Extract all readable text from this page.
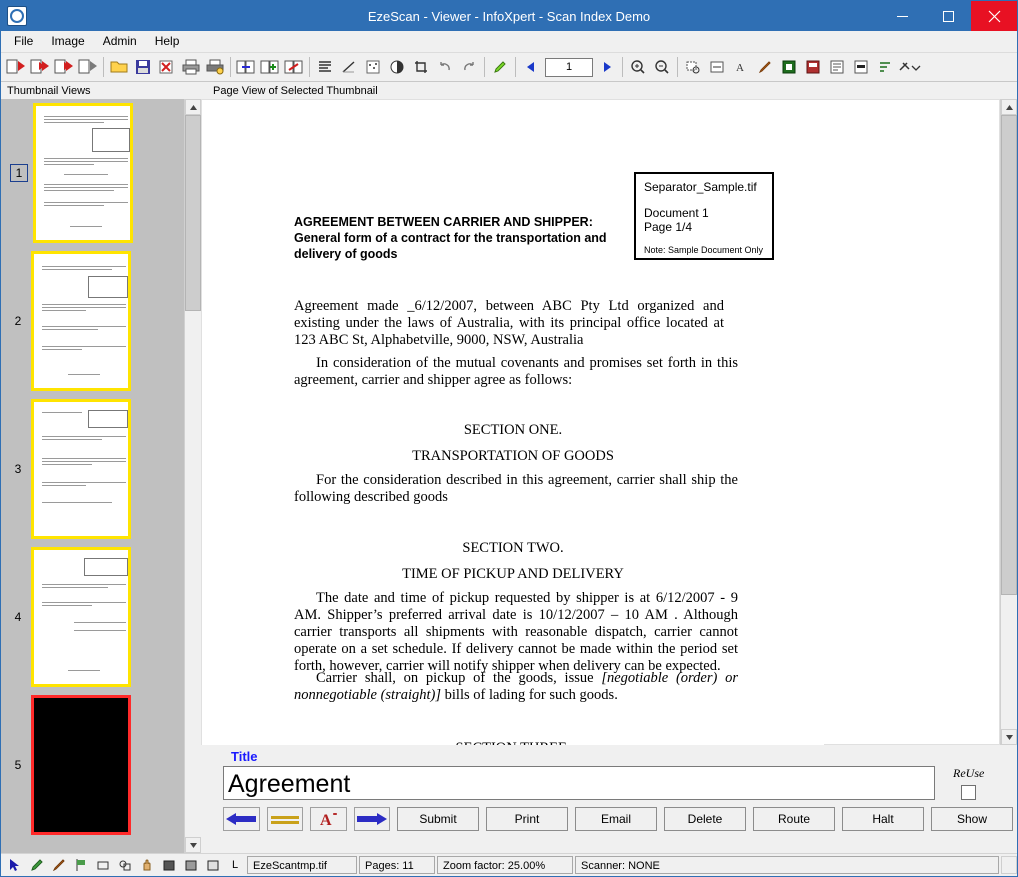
EzeScan - Viewer - InfoXpert - Scan Index Demo
File	Image	Admin	Help
1	A
Thumbnail Views	Page View of Selected Thumbnail
1
2
3
4
5
Separator_Sample.tif
Document 1
Page 1/4
Note: Sample Document Only
AGREEMENT BETWEEN CARRIER AND SHIPPER: General form of a contract for the transportation and delivery of goods
Agreement made _6/12/2007, between ABC Pty Ltd organized and existing under the laws of Australia, with its principal office located at 123 ABC St, Alphabetville, 9000, NSW, Australia
In consideration of the mutual covenants and promises set forth in this agreement, carrier and shipper agree as follows:
SECTION ONE.
TRANSPORTATION OF GOODS
For the consideration described in this agreement, carrier shall ship the following described goods
SECTION TWO.
TIME OF PICKUP AND DELIVERY
The date and time of pickup requested by shipper is at 6/12/2007 - 9 AM. Shipper’s preferred arrival date is 10/12/2007 – 10 AM . Although carrier transports all shipments with reasonable dispatch, carrier cannot operate on a set schedule. If delivery cannot be made within the period set forth, however, carrier will notify shipper when delivery can be expected.
Carrier shall, on pickup of the goods, issue [negotiable (order) or nonnegotiable (straight)] bills of lading for such goods.
Title
Agreement	ReUse
A	Submit	Print	Email	Delete	Route	Halt	Show
L	EzeScantmp.tif	Pages: 11	Zoom factor: 25.00%	Scanner: NONE
